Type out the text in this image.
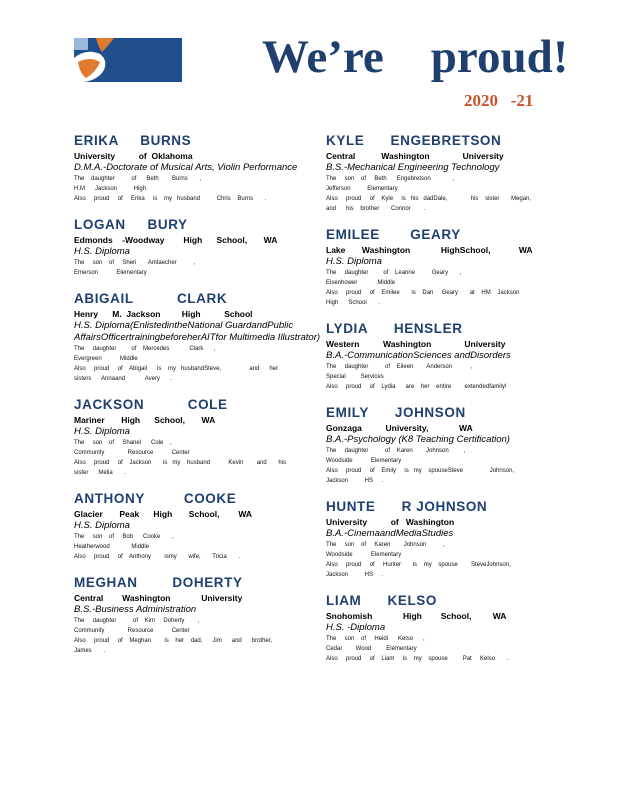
We’re    proud!
2020   -21
ERIKA     BURNS
University          of  Oklahoma
D.M.A.-Doctorate of Musical Arts, Violin Performance
The    daughter          of      Beth        Burns       ,
H.M      Jackson          High
Also     proud     of     Erika     is    my   husband          Chris    Burns       .
LOGAN     BURY
Edmonds    -Woodway        High      School,       WA
H.S. Diploma
The     son    of     Sheri       Amtaecher          ,
Emerson           Elementary
ABIGAIL          CLARK
Henry      M.  Jackson         High          School
H.S. Diploma(EnlistedintheNational GuardandPublic AffairsOfficertrainingbeforeherAITfor Multimedia Illustrator)
The     daughter         of    Mercedes            Clark      ,
Evergreen           Middle
Also     proud     of    Abigail      is    my   husbandSteve,                 and      her
sisters      Annaand            Avery      .
JACKSON          COLE
Mariner       High      School,       WA
H.S. Diploma
The     son    of     Shanel      Cole    ,
Community              Resource           Center
Also     proud     of    Jackson       is   my    husband           Kevin        and       his
sister      Melia       .
ANTHONY         COOKE
Glacier       Peak      High       School,        WA
H.S. Diploma
The     son    of     Bob      Cooke       ,
Heatherwood             Middle
Also     proud     of    Anthony        ismy       wife,       Tricia       .
MEGHAN        DOHERTY
Central        Washington             University
B.S.-Business Administration
The     daughter          of    Kim     Doherty        ,
Community              Resource           Center
Also     proud     of    Meghan        is    her    dad,      Jim      and      brother,
James       .
KYLE      ENGEBRETSON
Central           Washington              University
B.S.-Mechanical Engineering Technology
The     son    of     Beth      Engebretson             ,
Jefferson          Elementary
Also     proud     of    Kyle     is   his   dadDale,              his    sister       Megan,
and      his    brother       Connor        .
EMILEE       GEARY
Lake       Washington             HighSchool,            WA
H.S. Diploma
The     daughter         of    Leanne          Geary       ,
Eisenhower            Middle
Also     proud     of    Emilee       is    Dan     Geary       at    HM    Jackson
High      School       .
LYDIA      HENSLER
Western          Washington              University
B.A.-CommunicationSciences andDisorders
The     daughter          of    Eileen        Anderson           ,
Special         Services
Also     proud     of    Lydia      are    her    entire        extendedfamily!
EMILY      JOHNSON
Gonzaga          University,             WA
B.A.-Psychology (K8 Teaching Certification)
The     daughter          of    Karen        Johnson         ,
Woodside           Elementary
Also     proud     of    Emily     is   my    spouseSteve                Johnson,
Jackson          HS     .
HUNTE      R JOHNSON
University          of   Washington
B.A.-CinemaandMediaStudies
The     son    of     Karen        Johnson          ,
Woodside           Elementary
Also     proud     of     Hunter       is    my    spouse        SteveJohnson,
Jackson          HS     .
LIAM      KELSO
Snohomish             High        School,         WA
H.S. -Diploma
The     son    of     Heidi      Kelso      ,
Cedar        Wood         Elementary
Also     proud     of    Liam     is    my    spouse         Pat     Kelso       .
